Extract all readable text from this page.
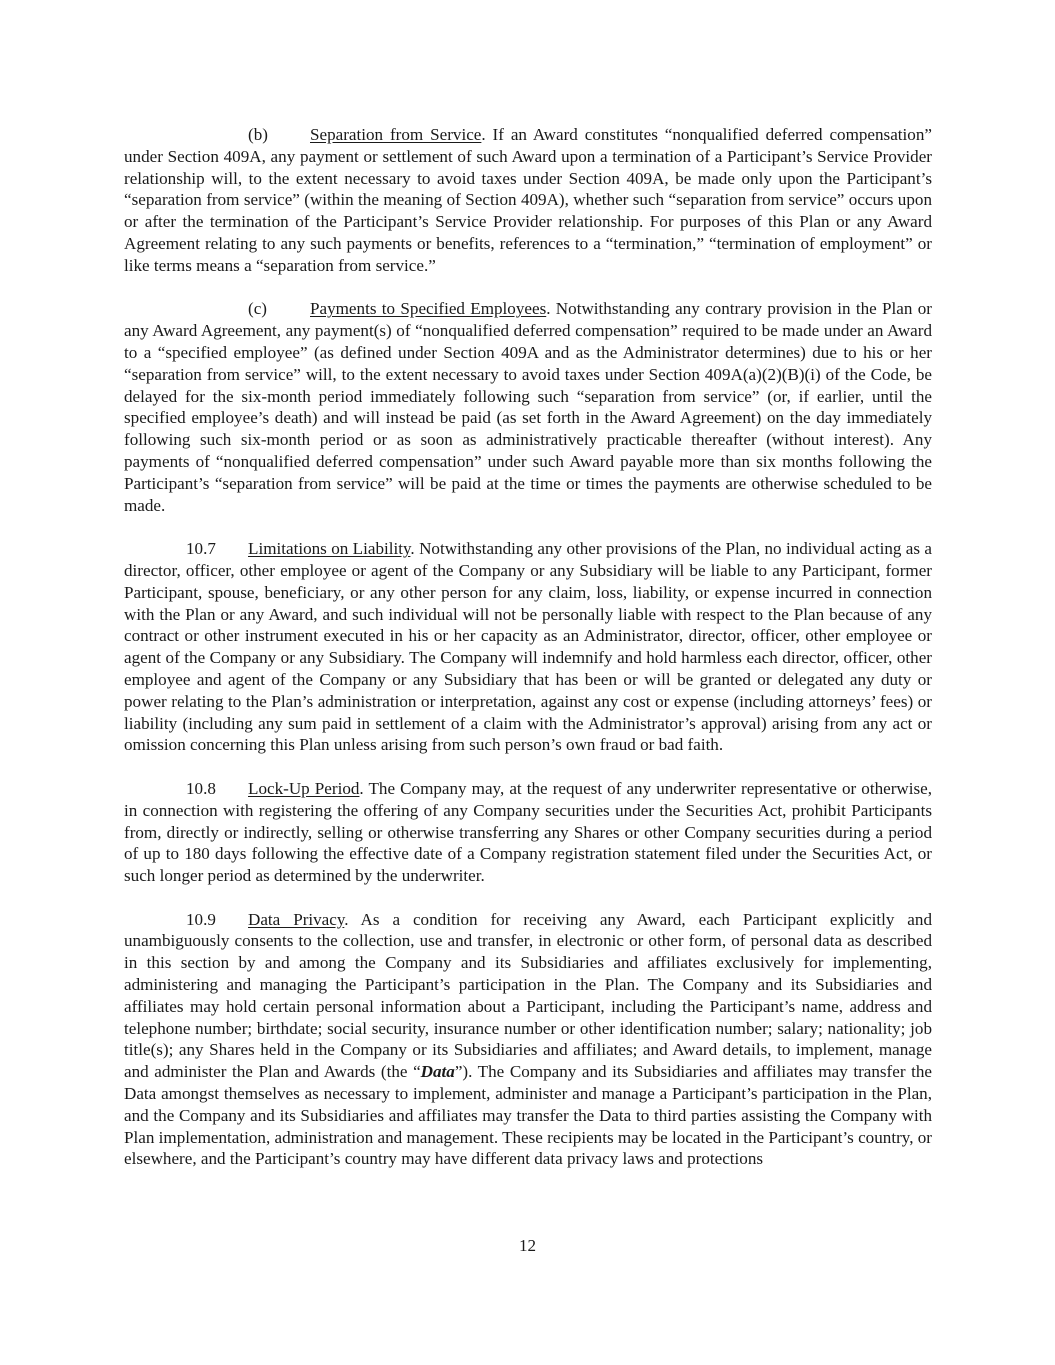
(b) Separation from Service. If an Award constitutes “nonqualified deferred compensation” under Section 409A, any payment or settlement of such Award upon a termination of a Participant’s Service Provider relationship will, to the extent necessary to avoid taxes under Section 409A, be made only upon the Participant’s “separation from service” (within the meaning of Section 409A), whether such “separation from service” occurs upon or after the termination of the Participant’s Service Provider relationship. For purposes of this Plan or any Award Agreement relating to any such payments or benefits, references to a “termination,” “termination of employment” or like terms means a “separation from service.”

(c)	Payments to Specified Employees. Notwithstanding any contrary provision in the Plan or any Award Agreement, any payment(s) of “nonqualified deferred compensation” required to be made under an Award to a “specified employee” (as defined under Section 409A and as the Administrator determines) due to his or her “separation from service” will, to the extent necessary to avoid taxes under Section 409A(a)(2)(B)(i) of the Code, be delayed for the six-month period immediately following such “separation from service” (or, if earlier, until the specified employee’s death) and will instead be paid (as set forth in the Award Agreement) on the day immediately following such six-month period or as soon as administratively practicable thereafter (without interest). Any payments of “nonqualified deferred compensation” under such Award payable more than six months following the Participant’s “separation from service” will be paid at the time or times the payments are otherwise scheduled to be made.

10.7 Limitations on Liability. Notwithstanding any other provisions of the Plan, no individual acting as a director, officer, other employee or agent of the Company or any Subsidiary will be liable to any Participant, former Participant, spouse, beneficiary, or any other person for any claim, loss, liability, or expense incurred in connection with the Plan or any Award, and such individual will not be personally liable with respect to the Plan because of any contract or other instrument executed in his or her capacity as an Administrator, director, officer, other employee or agent of the Company or any Subsidiary. The Company will indemnify and hold harmless each director, officer, other employee and agent of the Company or any Subsidiary that has been or will be granted or delegated any duty or power relating to the Plan’s administration or interpretation, against any cost or expense (including attorneys’ fees) or liability (including any sum paid in settlement of a claim with the Administrator’s approval) arising from any act or omission concerning this Plan unless arising from such person’s own fraud or bad faith.

10.8 Lock-Up Period. The Company may, at the request of any underwriter representative or otherwise, in connection with registering the offering of any Company securities under the Securities Act, prohibit Participants from, directly or indirectly, selling or otherwise transferring any Shares or other Company securities during a period of up to 180 days following the effective date of a Company registration statement filed under the Securities Act, or such longer period as determined by the underwriter.

10.9 Data Privacy. As a condition for receiving any Award, each Participant explicitly and unambiguously consents to the collection, use and transfer, in electronic or other form, of personal data as described in this section by and among the Company and its Subsidiaries and affiliates exclusively for implementing, administering and managing the Participant’s participation in the Plan. The Company and its Subsidiaries and affiliates may hold certain personal information about a Participant, including the Participant’s name, address and telephone number; birthdate; social security, insurance number or other identification number; salary; nationality; job title(s); any Shares held in the Company or its Subsidiaries and affiliates; and Award details, to implement, manage and administer the Plan and Awards (the “Data”). The Company and its Subsidiaries and affiliates may transfer the Data amongst themselves as necessary to implement, administer and manage a Participant’s participation in the Plan, and the Company and its Subsidiaries and affiliates may transfer the Data to third parties assisting the Company with Plan implementation, administration and management. These recipients may be located in the Participant’s country, or elsewhere, and the Participant’s country may have different data privacy laws and protections

12
